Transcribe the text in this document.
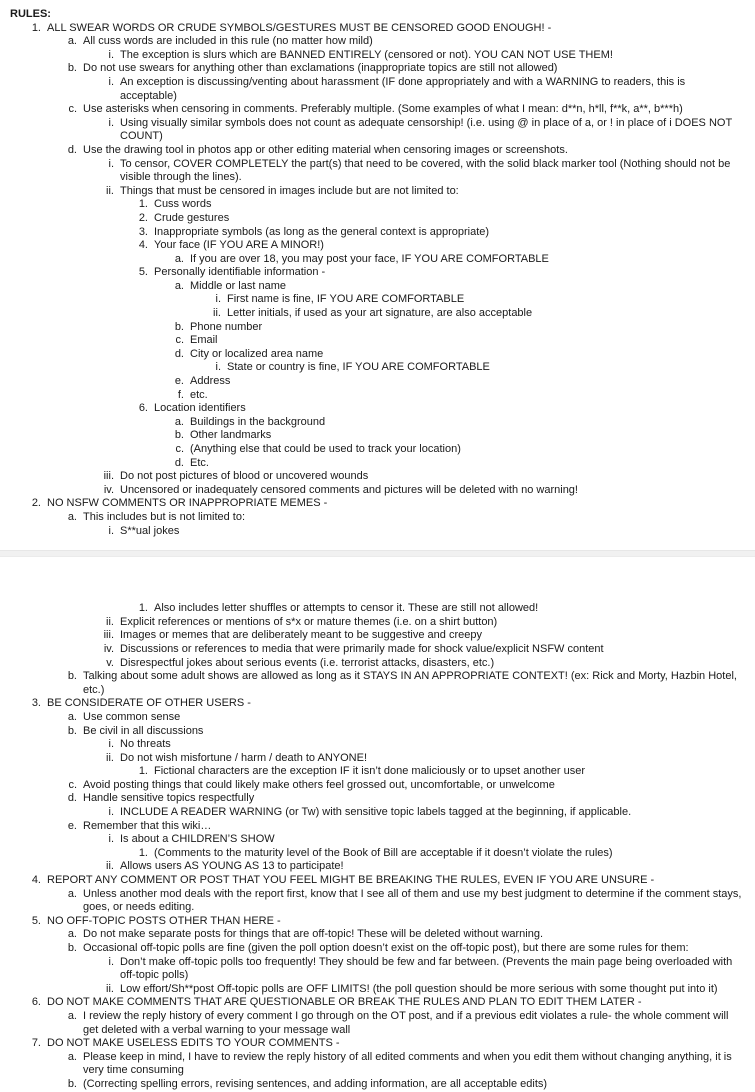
RULES:
1. ALL SWEAR WORDS OR CRUDE SYMBOLS/GESTURES MUST BE CENSORED GOOD ENOUGH! -
a. All cuss words are included in this rule (no matter how mild)
i. The exception is slurs which are BANNED ENTIRELY (censored or not). YOU CAN NOT USE THEM!
b. Do not use swears for anything other than exclamations (inappropriate topics are still not allowed)
i. An exception is discussing/venting about harassment (IF done appropriately and with a WARNING to readers, this is acceptable)
c. Use asterisks when censoring in comments. Preferably multiple. (Some examples of what I mean: d**n, h*ll, f**k, a**, b***h)
i. Using visually similar symbols does not count as adequate censorship! (i.e. using @ in place of a, or ! in place of i DOES NOT COUNT)
d. Use the drawing tool in photos app or other editing material when censoring images or screenshots.
i. To censor, COVER COMPLETELY the part(s) that need to be covered, with the solid black marker tool (Nothing should not be visible through the lines).
ii. Things that must be censored in images include but are not limited to:
1. Cuss words
2. Crude gestures
3. Inappropriate symbols (as long as the general context is appropriate)
4. Your face (IF YOU ARE A MINOR!)
a. If you are over 18, you may post your face, IF YOU ARE COMFORTABLE
5. Personally identifiable information -
a. Middle or last name
i. First name is fine, IF YOU ARE COMFORTABLE
ii. Letter initials, if used as your art signature, are also acceptable
b. Phone number
c. Email
d. City or localized area name
i. State or country is fine, IF YOU ARE COMFORTABLE
e. Address
f. etc.
6. Location identifiers
a. Buildings in the background
b. Other landmarks
c. (Anything else that could be used to track your location)
d. Etc.
iii. Do not post pictures of blood or uncovered wounds
iv. Uncensored or inadequately censored comments and pictures will be deleted with no warning!
2. NO NSFW COMMENTS OR INAPPROPRIATE MEMES -
a. This includes but is not limited to:
i. S**ual jokes
1. Also includes letter shuffles or attempts to censor it. These are still not allowed!
ii. Explicit references or mentions of s*x or mature themes (i.e. on a shirt button)
iii. Images or memes that are deliberately meant to be suggestive and creepy
iv. Discussions or references to media that were primarily made for shock value/explicit NSFW content
v. Disrespectful jokes about serious events (i.e. terrorist attacks, disasters, etc.)
b. Talking about some adult shows are allowed as long as it STAYS IN AN APPROPRIATE CONTEXT! (ex: Rick and Morty, Hazbin Hotel, etc.)
3. BE CONSIDERATE OF OTHER USERS -
a. Use common sense
b. Be civil in all discussions
i. No threats
ii. Do not wish misfortune / harm / death to ANYONE!
1. Fictional characters are the exception IF it isn’t done maliciously or to upset another user
c. Avoid posting things that could likely make others feel grossed out, uncomfortable, or unwelcome
d. Handle sensitive topics respectfully
i. INCLUDE A READER WARNING (or Tw) with sensitive topic labels tagged at the beginning, if applicable.
e. Remember that this wiki…
i. Is about a CHILDREN’S SHOW
1. (Comments to the maturity level of the Book of Bill are acceptable if it doesn’t violate the rules)
ii. Allows users AS YOUNG AS 13 to participate!
4. REPORT ANY COMMENT OR POST THAT YOU FEEL MIGHT BE BREAKING THE RULES, EVEN IF YOU ARE UNSURE -
a. Unless another mod deals with the report first, know that I see all of them and use my best judgment to determine if the comment stays, goes, or needs editing.
5. NO OFF-TOPIC POSTS OTHER THAN HERE -
a. Do not make separate posts for things that are off-topic! These will be deleted without warning.
b. Occasional off-topic polls are fine (given the poll option doesn’t exist on the off-topic post), but there are some rules for them:
i. Don’t make off-topic polls too frequently! They should be few and far between. (Prevents the main page being overloaded with off-topic polls)
ii. Low effort/Sh**post Off-topic polls are OFF LIMITS! (the poll question should be more serious with some thought put into it)
6. DO NOT MAKE COMMENTS THAT ARE QUESTIONABLE OR BREAK THE RULES AND PLAN TO EDIT THEM LATER -
a. I review the reply history of every comment I go through on the OT post, and if a previous edit violates a rule- the whole comment will get deleted with a verbal warning to your message wall
7. DO NOT MAKE USELESS EDITS TO YOUR COMMENTS -
a. Please keep in mind, I have to review the reply history of all edited comments and when you edit them without changing anything, it is very time consuming
b. (Correcting spelling errors, revising sentences, and adding information, are all acceptable edits)
